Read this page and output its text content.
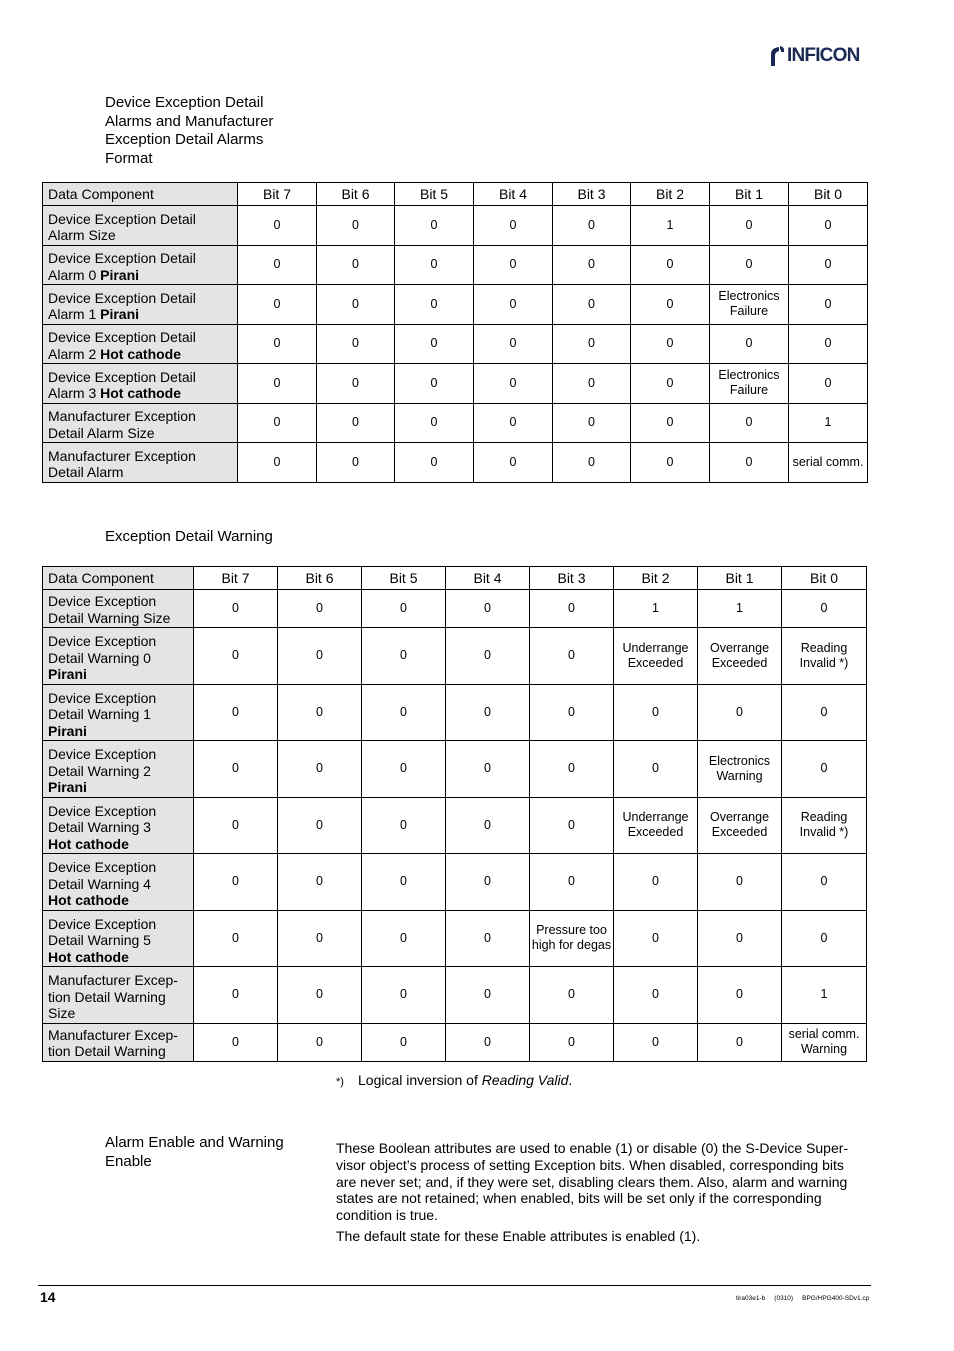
INFICON
Device Exception Detail
Alarms and Manufacturer
Exception Detail Alarms
Format
Data Component	Bit 7	Bit 6	Bit 5	Bit 4	Bit 3	Bit 2	Bit 1	Bit 0

Device Exception Detail
Alarm Size	0	0	0	0	0	1	0	0

Device Exception Detail
Alarm 0 Pirani	0	0	0	0	0	0	0	0

Device Exception Detail
Alarm 1 Pirani	0	0	0	0	0	0	Electronics Failure	0

Device Exception Detail
Alarm 2 Hot cathode	0	0	0	0	0	0	0	0

Device Exception Detail
Alarm 3 Hot cathode	0	0	0	0	0	0	Electronics Failure	0

Manufacturer Exception
Detail Alarm Size	0	0	0	0	0	0	0	1

Manufacturer Exception
Detail Alarm	0	0	0	0	0	0	0	serial comm.
Exception Detail Warning
Data Component	Bit 7	Bit 6	Bit 5	Bit 4	Bit 3	Bit 2	Bit 1	Bit 0

Device Exception
Detail Warning Size	0	0	0	0	0	1	1	0

Device Exception
Detail Warning 0
Pirani	0	0	0	0	0	Underrange Exceeded	Overrange Exceeded	Reading Invalid *)

Device Exception
Detail Warning 1
Pirani	0	0	0	0	0	0	0	0

Device Exception
Detail Warning 2
Pirani	0	0	0	0	0	0	Electronics Warning	0

Device Exception
Detail Warning 3
Hot cathode	0	0	0	0	0	Underrange Exceeded	Overrange Exceeded	Reading Invalid *)

Device Exception
Detail Warning 4
Hot cathode	0	0	0	0	0	0	0	0

Device Exception
Detail Warning 5
Hot cathode	0	0	0	0	Pressure too high for degas	0	0	0

Manufacturer Excep-
tion Detail Warning
Size	0	0	0	0	0	0	0	1

Manufacturer Excep-
tion Detail Warning	0	0	0	0	0	0	0	serial comm. Warning
*) Logical inversion of Reading Valid.
Alarm Enable and Warning
Enable

These Boolean attributes are used to enable (1) or disable (0) the S-Device Super-visor object’s process of setting Exception bits. When disabled, corresponding bits are never set; and, if they were set, disabling clears them. Also, alarm and warning states are not retained; when enabled, bits will be set only if the corresponding condition is true.

The default state for these Enable attributes is enabled (1).

14	tira03e1-b     (0310)     BPG/HPG400-SDv1.cp
